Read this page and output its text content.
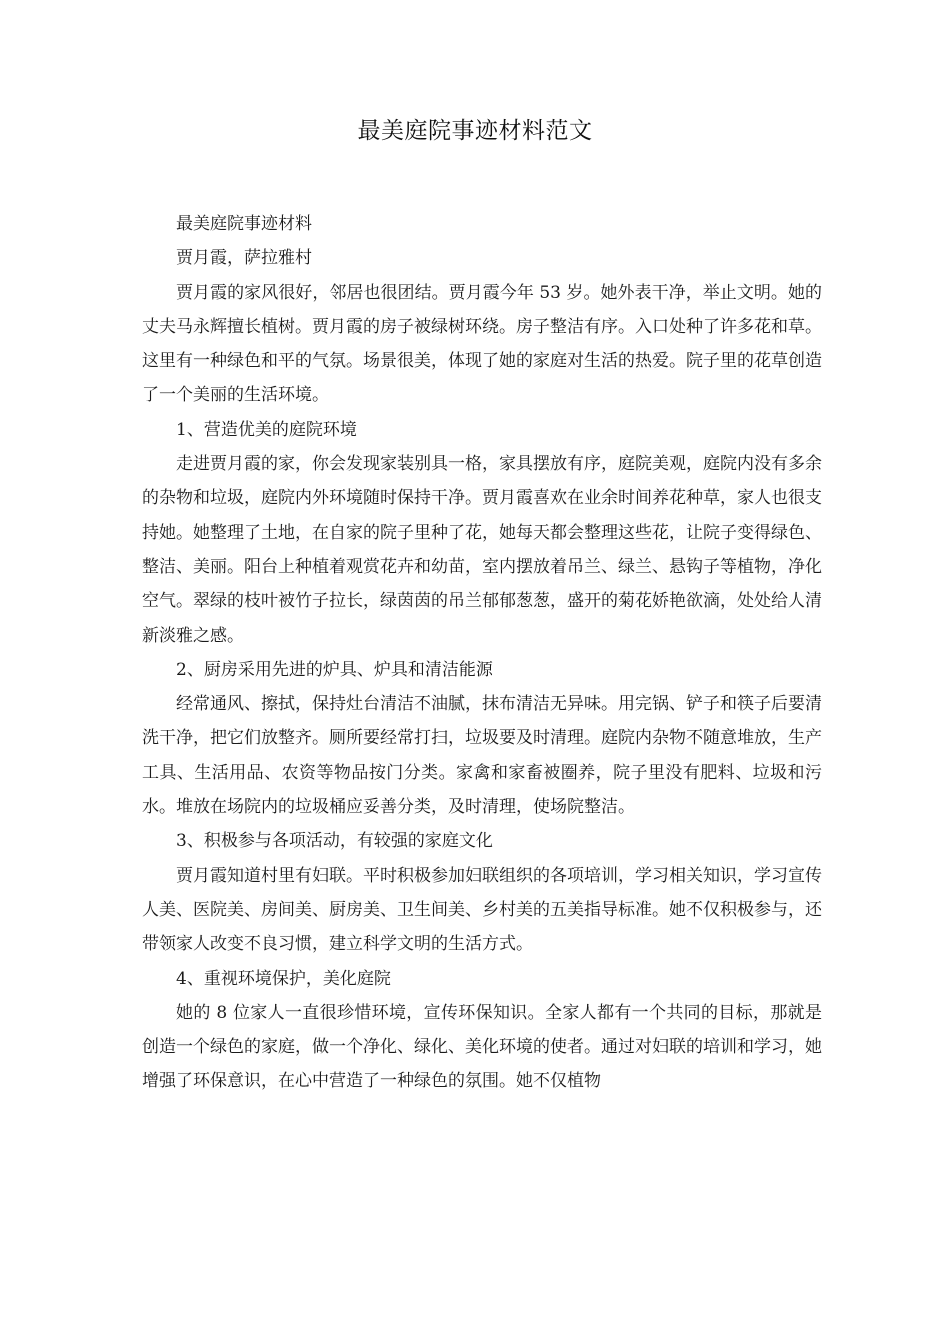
最美庭院事迹材料范文

最美庭院事迹材料

贾月霞，萨拉雅村

贾月霞的家风很好，邻居也很团结。贾月霞今年 53 岁。她外表干净，举止文明。她的丈夫马永辉擅长植树。贾月霞的房子被绿树环绕。房子整洁有序。入口处种了许多花和草。这里有一种绿色和平的气氛。场景很美，体现了她的家庭对生活的热爱。院子里的花草创造了一个美丽的生活环境。

1、营造优美的庭院环境

走进贾月霞的家，你会发现家装别具一格，家具摆放有序，庭院美观，庭院内没有多余的杂物和垃圾，庭院内外环境随时保持干净。贾月霞喜欢在业余时间养花种草，家人也很支持她。她整理了土地，在自家的院子里种了花，她每天都会整理这些花，让院子变得绿色、整洁、美丽。阳台上种植着观赏花卉和幼苗，室内摆放着吊兰、绿兰、悬钩子等植物，净化空气。翠绿的枝叶被竹子拉长，绿茵茵的吊兰郁郁葱葱，盛开的菊花娇艳欲滴，处处给人清新淡雅之感。

2、厨房采用先进的炉具、炉具和清洁能源

经常通风、擦拭，保持灶台清洁不油腻，抹布清洁无异味。用完锅、铲子和筷子后要清洗干净，把它们放整齐。厕所要经常打扫，垃圾要及时清理。庭院内杂物不随意堆放，生产工具、生活用品、农资等物品按门分类。家禽和家畜被圈养，院子里没有肥料、垃圾和污水。堆放在场院内的垃圾桶应妥善分类，及时清理，使场院整洁。

3、积极参与各项活动，有较强的家庭文化

贾月霞知道村里有妇联。平时积极参加妇联组织的各项培训，学习相关知识，学习宣传人美、医院美、房间美、厨房美、卫生间美、乡村美的五美指导标准。她不仅积极参与，还带领家人改变不良习惯，建立科学文明的生活方式。

4、重视环境保护，美化庭院

她的 8 位家人一直很珍惜环境，宣传环保知识。全家人都有一个共同的目标，那就是创造一个绿色的家庭，做一个净化、绿化、美化环境的使者。通过对妇联的培训和学习，她增强了环保意识，在心中营造了一种绿色的氛围。她不仅植物
